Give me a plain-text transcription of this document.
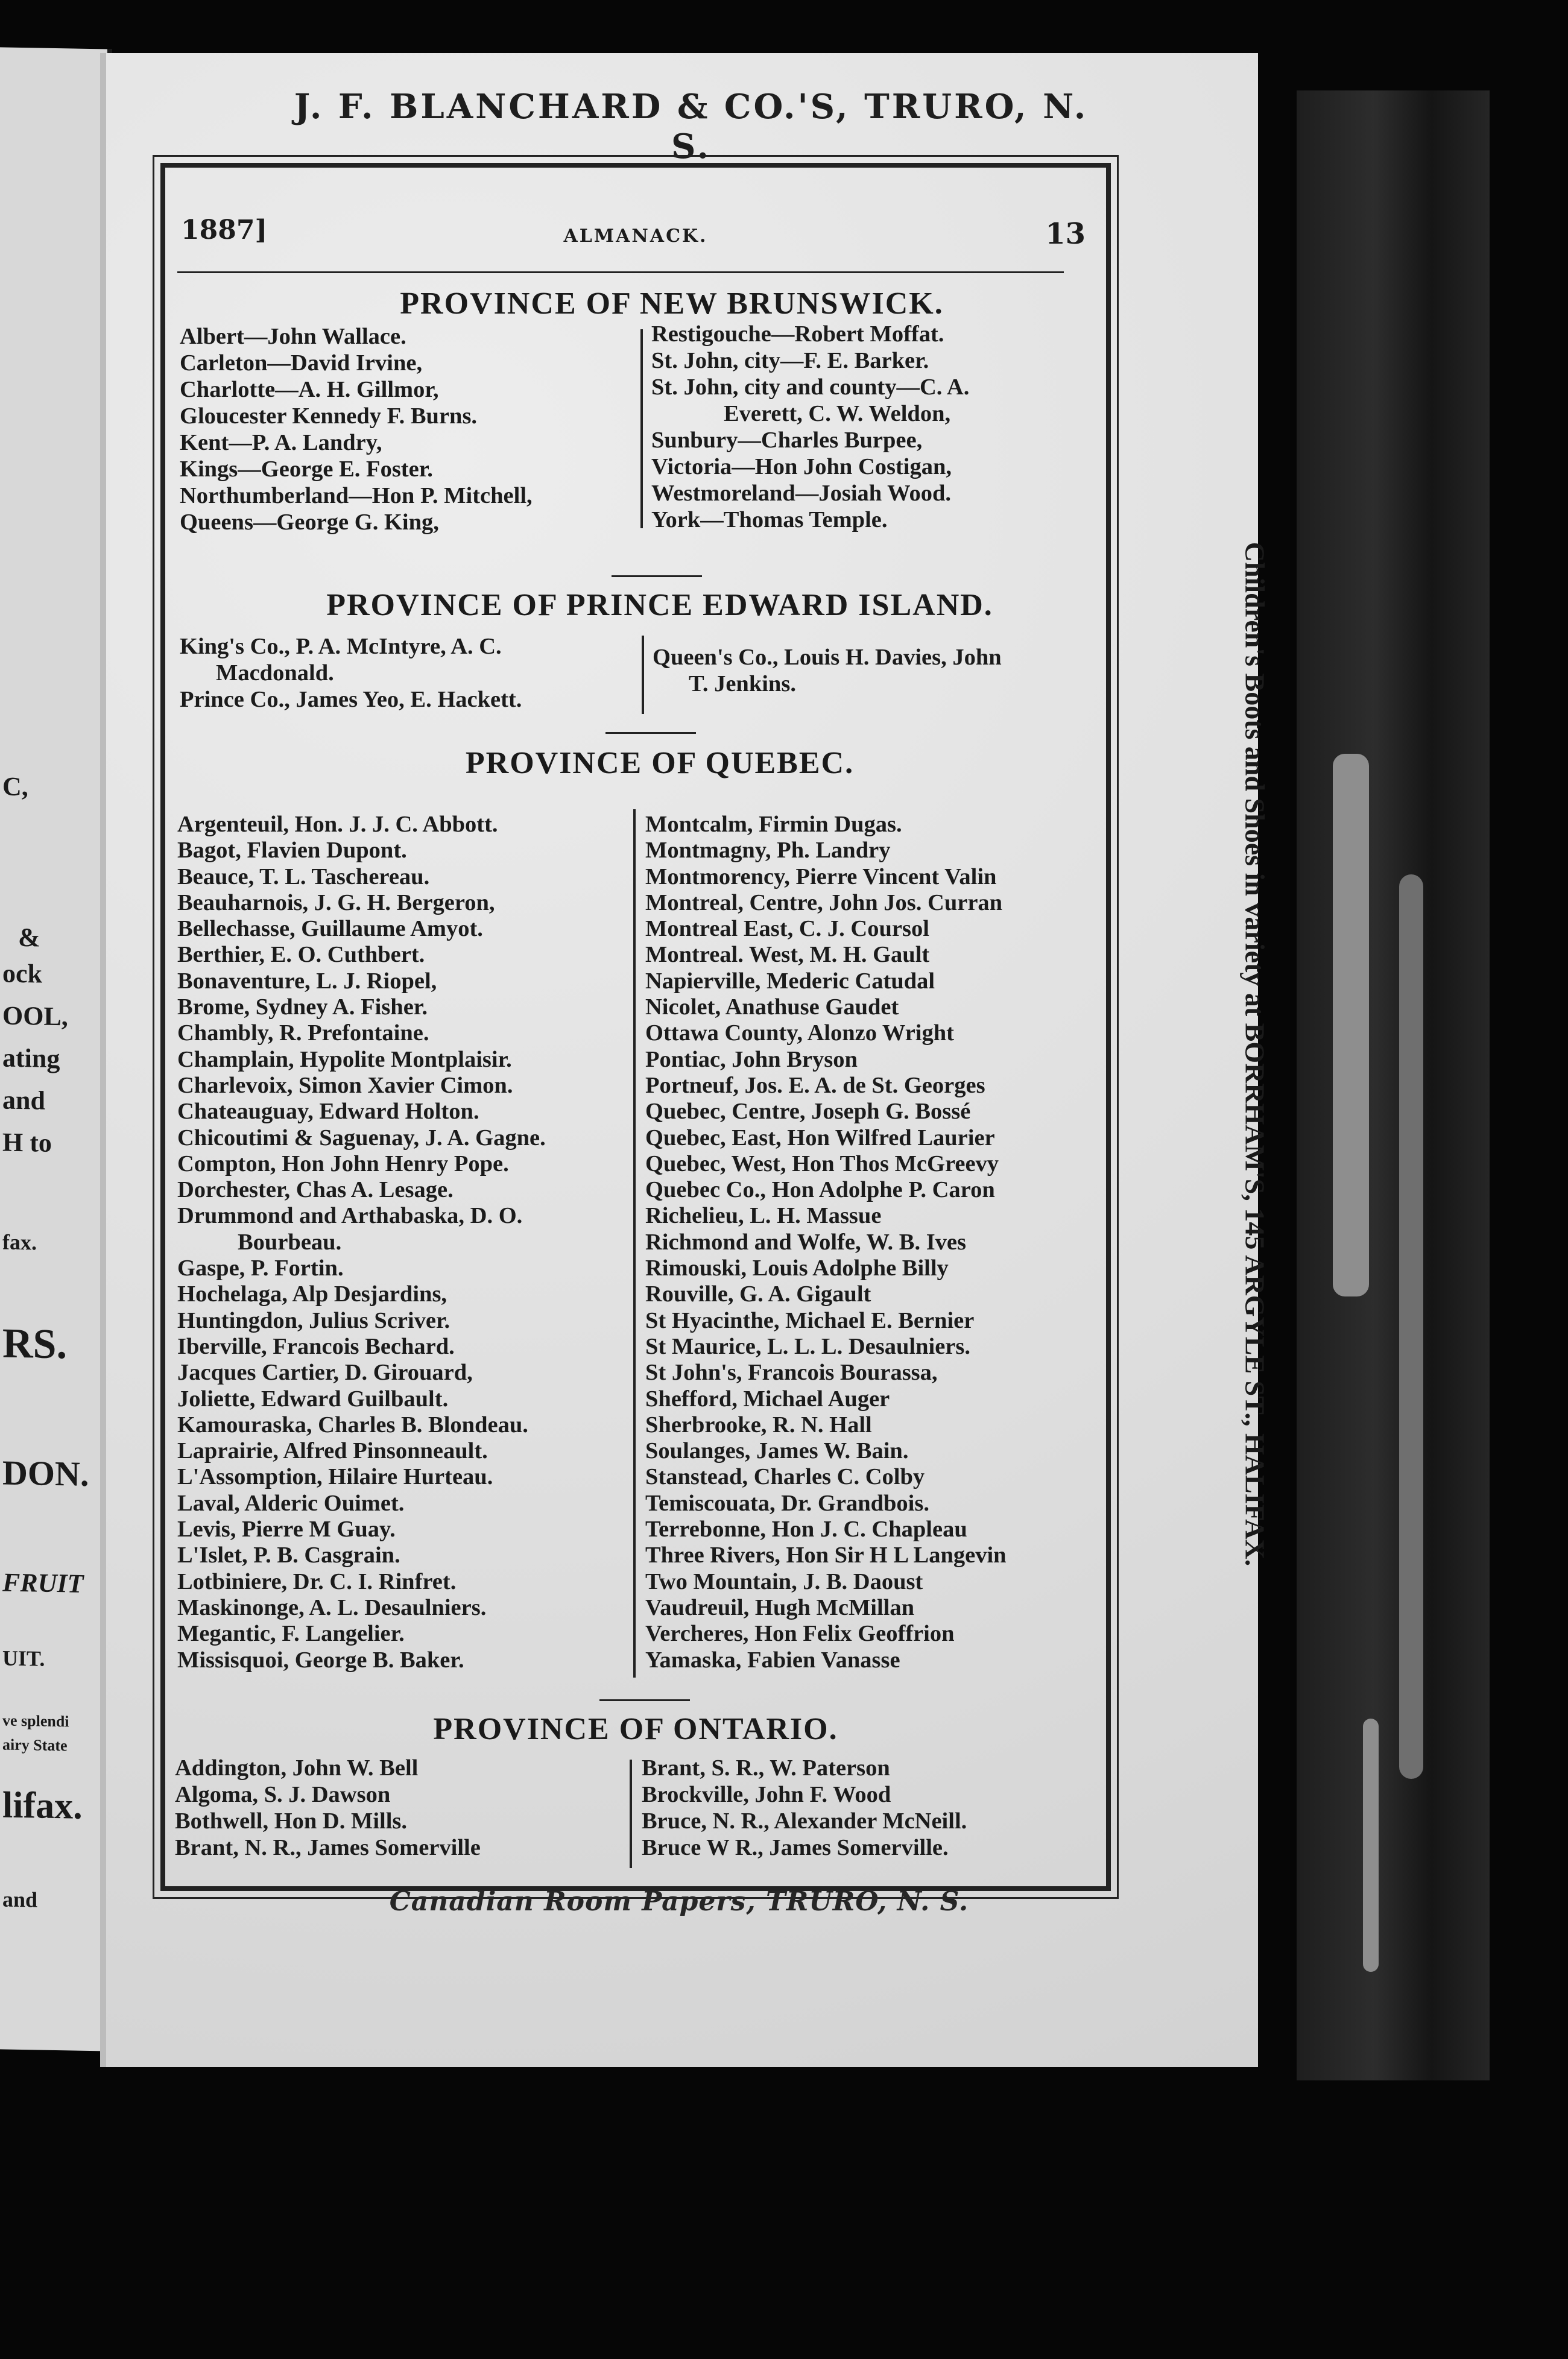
C,
&
ock
OOL,
ating
and
H to
fax.
RS.
DON.
FRUIT
UIT.
ve splendi
airy State
lifax.
and
J. F. BLANCHARD & CO.'S, TRURO, N. S.
1887]	ALMANACK.	13
PROVINCE OF NEW BRUNSWICK.
Albert—John Wallace.
Carleton—David Irvine,
Charlotte—A. H. Gillmor,
Gloucester Kennedy F. Burns.
Kent—P. A. Landry,
Kings—George E. Foster.
Northumberland—Hon P. Mitchell,
Queens—George G. King,
Restigouche—Robert Moffat.
St. John, city—F. E. Barker.
St. John, city and county—C. A.
Everett, C. W. Weldon,
Sunbury—Charles Burpee,
Victoria—Hon John Costigan,
Westmoreland—Josiah Wood.
York—Thomas Temple.
PROVINCE OF PRINCE EDWARD ISLAND.
King's Co., P. A. McIntyre, A. C.
Macdonald.
Prince Co., James Yeo, E. Hackett.
Queen's Co., Louis H. Davies, John
T. Jenkins.
PROVINCE OF QUEBEC.
Argenteuil, Hon. J. J. C. Abbott.
Bagot, Flavien Dupont.
Beauce, T. L. Taschereau.
Beauharnois, J. G. H. Bergeron,
Bellechasse, Guillaume Amyot.
Berthier, E. O. Cuthbert.
Bonaventure, L. J. Riopel,
Brome, Sydney A. Fisher.
Chambly, R. Prefontaine.
Champlain, Hypolite Montplaisir.
Charlevoix, Simon Xavier Cimon.
Chateauguay, Edward Holton.
Chicoutimi & Saguenay, J. A. Gagne.
Compton, Hon John Henry Pope.
Dorchester, Chas A. Lesage.
Drummond and Arthabaska, D. O.
Bourbeau.
Gaspe, P. Fortin.
Hochelaga, Alp Desjardins,
Huntingdon, Julius Scriver.
Iberville, Francois Bechard.
Jacques Cartier, D. Girouard,
Joliette, Edward Guilbault.
Kamouraska, Charles B. Blondeau.
Laprairie, Alfred Pinsonneault.
L'Assomption, Hilaire Hurteau.
Laval, Alderic Ouimet.
Levis, Pierre M Guay.
L'Islet, P. B. Casgrain.
Lotbiniere, Dr. C. I. Rinfret.
Maskinonge, A. L. Desaulniers.
Megantic, F. Langelier.
Missisquoi, George B. Baker.
Montcalm, Firmin Dugas.
Montmagny, Ph. Landry
Montmorency, Pierre Vincent Valin
Montreal, Centre, John Jos. Curran
Montreal East, C. J. Coursol
Montreal. West, M. H. Gault
Napierville, Mederic Catudal
Nicolet, Anathuse Gaudet
Ottawa County, Alonzo Wright
Pontiac, John Bryson
Portneuf, Jos. E. A. de St. Georges
Quebec, Centre, Joseph G. Bossé
Quebec, East, Hon Wilfred Laurier
Quebec, West, Hon Thos McGreevy
Quebec Co., Hon Adolphe P. Caron
Richelieu, L. H. Massue
Richmond and Wolfe, W. B. Ives
Rimouski, Louis Adolphe Billy
Rouville, G. A. Gigault
St Hyacinthe, Michael E. Bernier
St Maurice, L. L. L. Desaulniers.
St John's, Francois Bourassa,
Shefford, Michael Auger
Sherbrooke, R. N. Hall
Soulanges, James W. Bain.
Stanstead, Charles C. Colby
Temiscouata, Dr. Grandbois.
Terrebonne, Hon J. C. Chapleau
Three Rivers, Hon Sir H L Langevin
Two Mountain, J. B. Daoust
Vaudreuil, Hugh McMillan
Vercheres, Hon Felix Geoffrion
Yamaska, Fabien Vanasse
PROVINCE OF ONTARIO.
Addington, John W. Bell
Algoma, S. J. Dawson
Bothwell, Hon D. Mills.
Brant, N. R., James Somerville
Brant, S. R., W. Paterson
Brockville, John F. Wood
Bruce, N. R., Alexander McNeill.
Bruce W R., James Somerville.
Children's Boots and Shoes in variety at BORRHAM'S, 145 ARGYLE ST., HALIFAX.
Canadian Room Papers, TRURO, N. S.
